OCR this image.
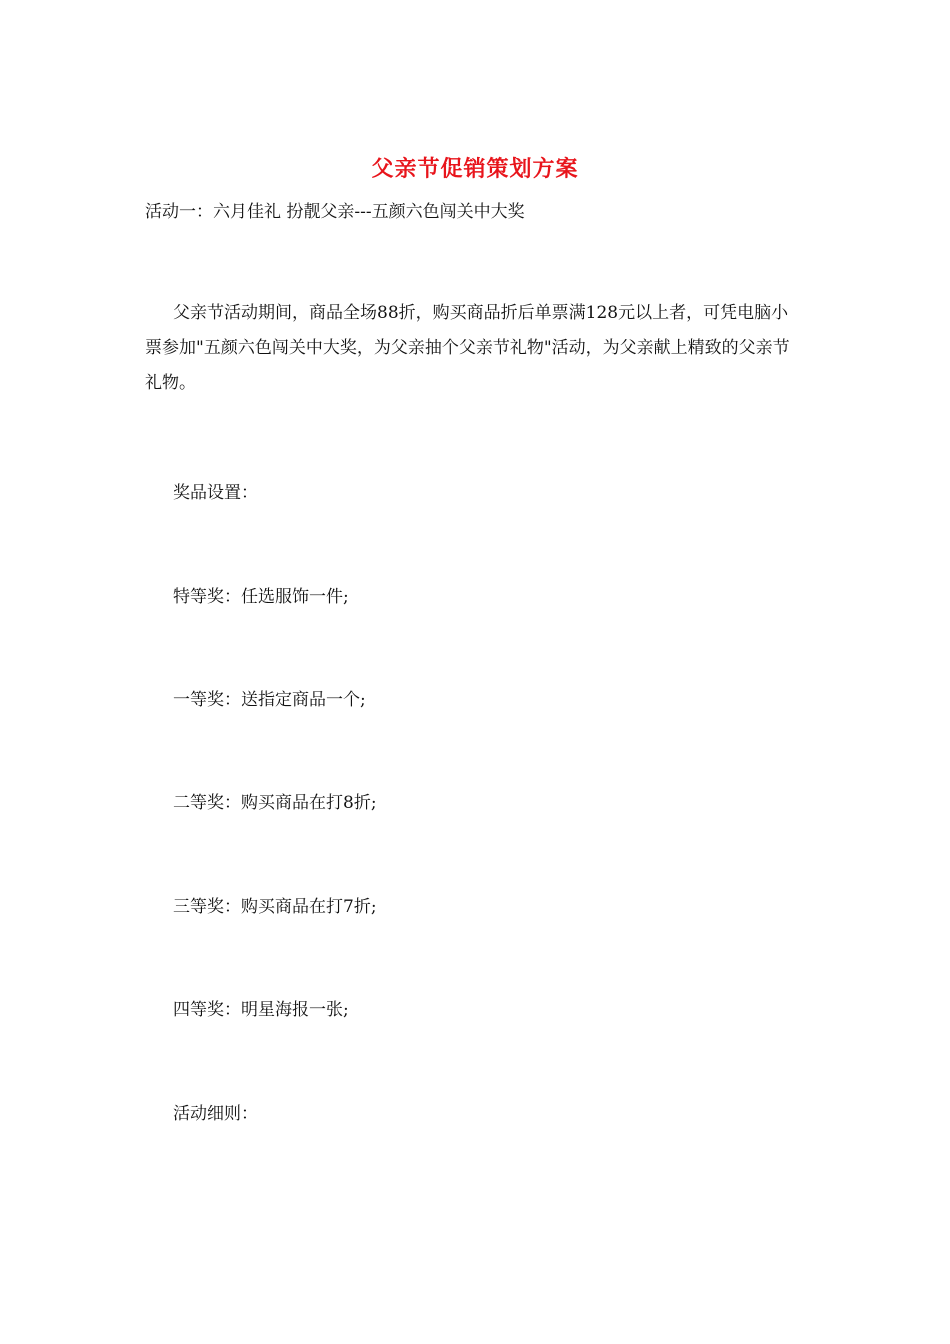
父亲节促销策划方案
活动一：六月佳礼 扮靓父亲---五颜六色闯关中大奖
父亲节活动期间，商品全场88折，购买商品折后单票满128元以上者，可凭电脑小票参加"五颜六色闯关中大奖，为父亲抽个父亲节礼物"活动，为父亲献上精致的父亲节礼物。
奖品设置：
特等奖：任选服饰一件;
一等奖：送指定商品一个;
二等奖：购买商品在打8折;
三等奖：购买商品在打7折;
四等奖：明星海报一张;
活动细则：
